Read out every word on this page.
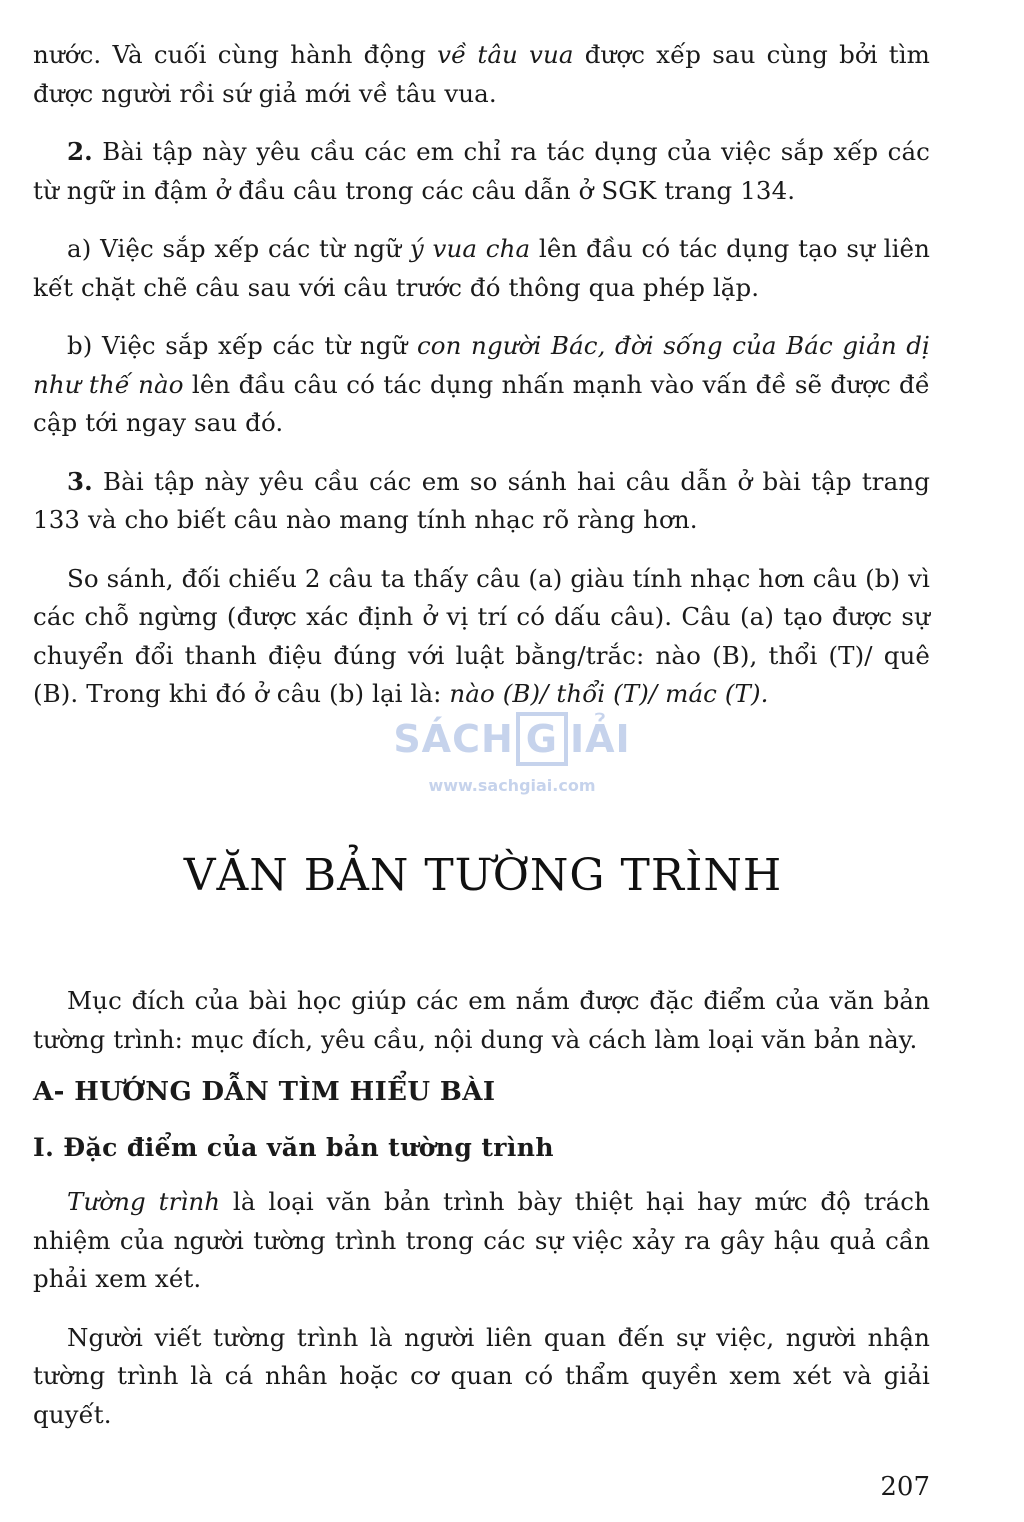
nước. Và cuối cùng hành động về tâu vua được xếp sau cùng bởi tìm được người rồi sứ giả mới về tâu vua.

2. Bài tập này yêu cầu các em chỉ ra tác dụng của việc sắp xếp các từ ngữ in đậm ở đầu câu trong các câu dẫn ở SGK trang 134.

a) Việc sắp xếp các từ ngữ ý vua cha lên đầu có tác dụng tạo sự liên kết chặt chẽ câu sau với câu trước đó thông qua phép lặp.

b) Việc sắp xếp các từ ngữ con người Bác, đời sống của Bác giản dị như thế nào lên đầu câu có tác dụng nhấn mạnh vào vấn đề sẽ được đề cập tới ngay sau đó.

3. Bài tập này yêu cầu các em so sánh hai câu dẫn ở bài tập trang 133 và cho biết câu nào mang tính nhạc rõ ràng hơn.

So sánh, đối chiếu 2 câu ta thấy câu (a) giàu tính nhạc hơn câu (b) vì các chỗ ngừng (được xác định ở vị trí có dấu câu). Câu (a) tạo được sự chuyển đổi thanh điệu đúng với luật bằng/trắc: nào (B), thổi (T)/ quê (B). Trong khi đó ở câu (b) lại là: nào (B)/ thổi (T)/ mác (T).

SÁCH G IẢI
www.sachgiai.com
VĂN BẢN TƯỜNG TRÌNH

Mục đích của bài học giúp các em nắm được đặc điểm của văn bản tường trình: mục đích, yêu cầu, nội dung và cách làm loại văn bản này.

A- HƯỚNG DẪN TÌM HIỂU BÀI
I. Đặc điểm của văn bản tường trình

Tường trình là loại văn bản trình bày thiệt hại hay mức độ trách nhiệm của người tường trình trong các sự việc xảy ra gây hậu quả cần phải xem xét.

Người viết tường trình là người liên quan đến sự việc, người nhận tường trình là cá nhân hoặc cơ quan có thẩm quyền xem xét và giải quyết.

207
